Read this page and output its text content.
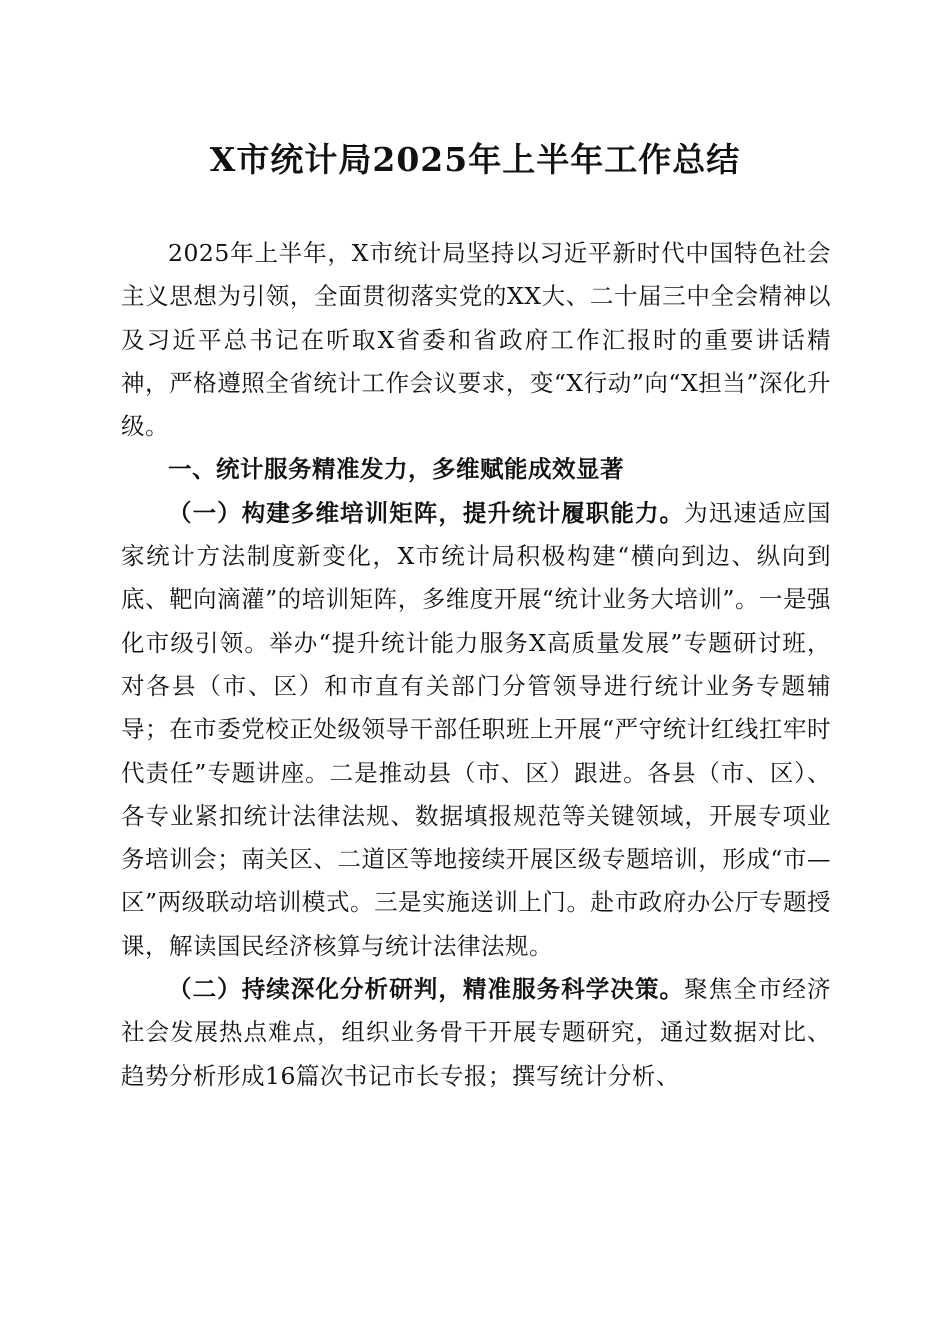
X市统计局2025年上半年工作总结

2025年上半年，X市统计局坚持以习近平新时代中国特色社会主义思想为引领，全面贯彻落实党的XX大、二十届三中全会精神以及习近平总书记在听取X省委和省政府工作汇报时的重要讲话精神，严格遵照全省统计工作会议要求，变“X行动”向“X担当”深化升级。

一、统计服务精准发力，多维赋能成效显著

（一）构建多维培训矩阵，提升统计履职能力。为迅速适应国家统计方法制度新变化，X市统计局积极构建“横向到边、纵向到底、靶向滴灌”的培训矩阵，多维度开展“统计业务大培训”。一是强化市级引领。举办“提升统计能力服务X高质量发展”专题研讨班，对各县（市、区）和市直有关部门分管领导进行统计业务专题辅导；在市委党校正处级领导干部任职班上开展“严守统计红线扛牢时代责任”专题讲座。二是推动县（市、区）跟进。各县（市、区）、各专业紧扣统计法律法规、数据填报规范等关键领域，开展专项业务培训会；南关区、二道区等地接续开展区级专题培训，形成“市—区”两级联动培训模式。三是实施送训上门。赴市政府办公厅专题授课，解读国民经济核算与统计法律法规。

（二）持续深化分析研判，精准服务科学决策。聚焦全市经济社会发展热点难点，组织业务骨干开展专题研究，通过数据对比、趋势分析形成16篇次书记市长专报；撰写统计分析、
